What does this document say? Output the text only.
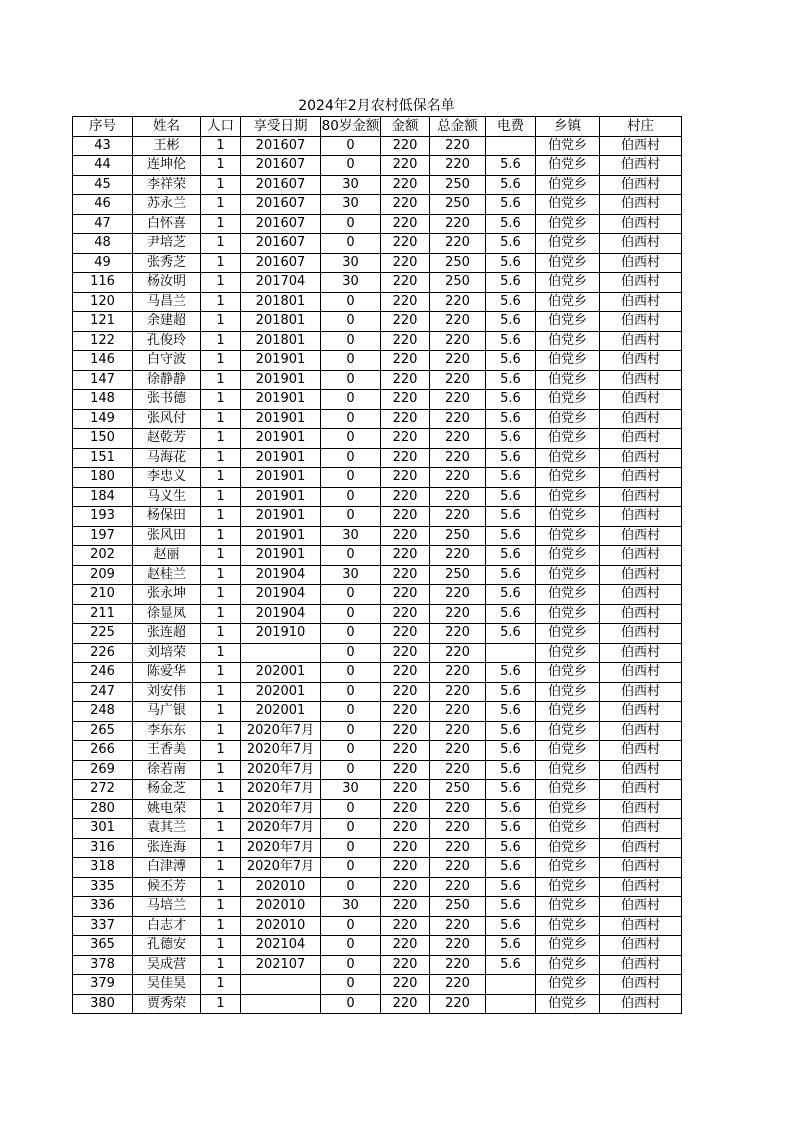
2024年2月农村低保名单
序号	姓名	人口	享受日期	80岁金额	金额	总金额	电费	乡镇	村庄
43	王彬	1	201607	0	220	220		伯党乡	伯西村
44	连坤伦	1	201607	0	220	220	5.6	伯党乡	伯西村
45	李祥荣	1	201607	30	220	250	5.6	伯党乡	伯西村
46	苏永兰	1	201607	30	220	250	5.6	伯党乡	伯西村
47	白怀喜	1	201607	0	220	220	5.6	伯党乡	伯西村
48	尹培芝	1	201607	0	220	220	5.6	伯党乡	伯西村
49	张秀芝	1	201607	30	220	250	5.6	伯党乡	伯西村
116	杨汝明	1	201704	30	220	250	5.6	伯党乡	伯西村
120	马昌兰	1	201801	0	220	220	5.6	伯党乡	伯西村
121	余建超	1	201801	0	220	220	5.6	伯党乡	伯西村
122	孔俊玲	1	201801	0	220	220	5.6	伯党乡	伯西村
146	白守波	1	201901	0	220	220	5.6	伯党乡	伯西村
147	徐静静	1	201901	0	220	220	5.6	伯党乡	伯西村
148	张书德	1	201901	0	220	220	5.6	伯党乡	伯西村
149	张风付	1	201901	0	220	220	5.6	伯党乡	伯西村
150	赵乾芳	1	201901	0	220	220	5.6	伯党乡	伯西村
151	马海花	1	201901	0	220	220	5.6	伯党乡	伯西村
180	李忠义	1	201901	0	220	220	5.6	伯党乡	伯西村
184	马义生	1	201901	0	220	220	5.6	伯党乡	伯西村
193	杨保田	1	201901	0	220	220	5.6	伯党乡	伯西村
197	张风田	1	201901	30	220	250	5.6	伯党乡	伯西村
202	赵丽	1	201901	0	220	220	5.6	伯党乡	伯西村
209	赵桂兰	1	201904	30	220	250	5.6	伯党乡	伯西村
210	张永坤	1	201904	0	220	220	5.6	伯党乡	伯西村
211	徐显凤	1	201904	0	220	220	5.6	伯党乡	伯西村
225	张连超	1	201910	0	220	220	5.6	伯党乡	伯西村
226	刘培荣	1		0	220	220		伯党乡	伯西村
246	陈爱华	1	202001	0	220	220	5.6	伯党乡	伯西村
247	刘安伟	1	202001	0	220	220	5.6	伯党乡	伯西村
248	马广银	1	202001	0	220	220	5.6	伯党乡	伯西村
265	李东东	1	2020年7月	0	220	220	5.6	伯党乡	伯西村
266	王香美	1	2020年7月	0	220	220	5.6	伯党乡	伯西村
269	徐若南	1	2020年7月	0	220	220	5.6	伯党乡	伯西村
272	杨金芝	1	2020年7月	30	220	250	5.6	伯党乡	伯西村
280	姚电荣	1	2020年7月	0	220	220	5.6	伯党乡	伯西村
301	袁其兰	1	2020年7月	0	220	220	5.6	伯党乡	伯西村
316	张连海	1	2020年7月	0	220	220	5.6	伯党乡	伯西村
318	白津溥	1	2020年7月	0	220	220	5.6	伯党乡	伯西村
335	候丕芳	1	202010	0	220	220	5.6	伯党乡	伯西村
336	马培兰	1	202010	30	220	250	5.6	伯党乡	伯西村
337	白志才	1	202010	0	220	220	5.6	伯党乡	伯西村
365	孔德安	1	202104	0	220	220	5.6	伯党乡	伯西村
378	吴成营	1	202107	0	220	220	5.6	伯党乡	伯西村
379	吴佳昊	1		0	220	220		伯党乡	伯西村
380	贾秀荣	1		0	220	220		伯党乡	伯西村
